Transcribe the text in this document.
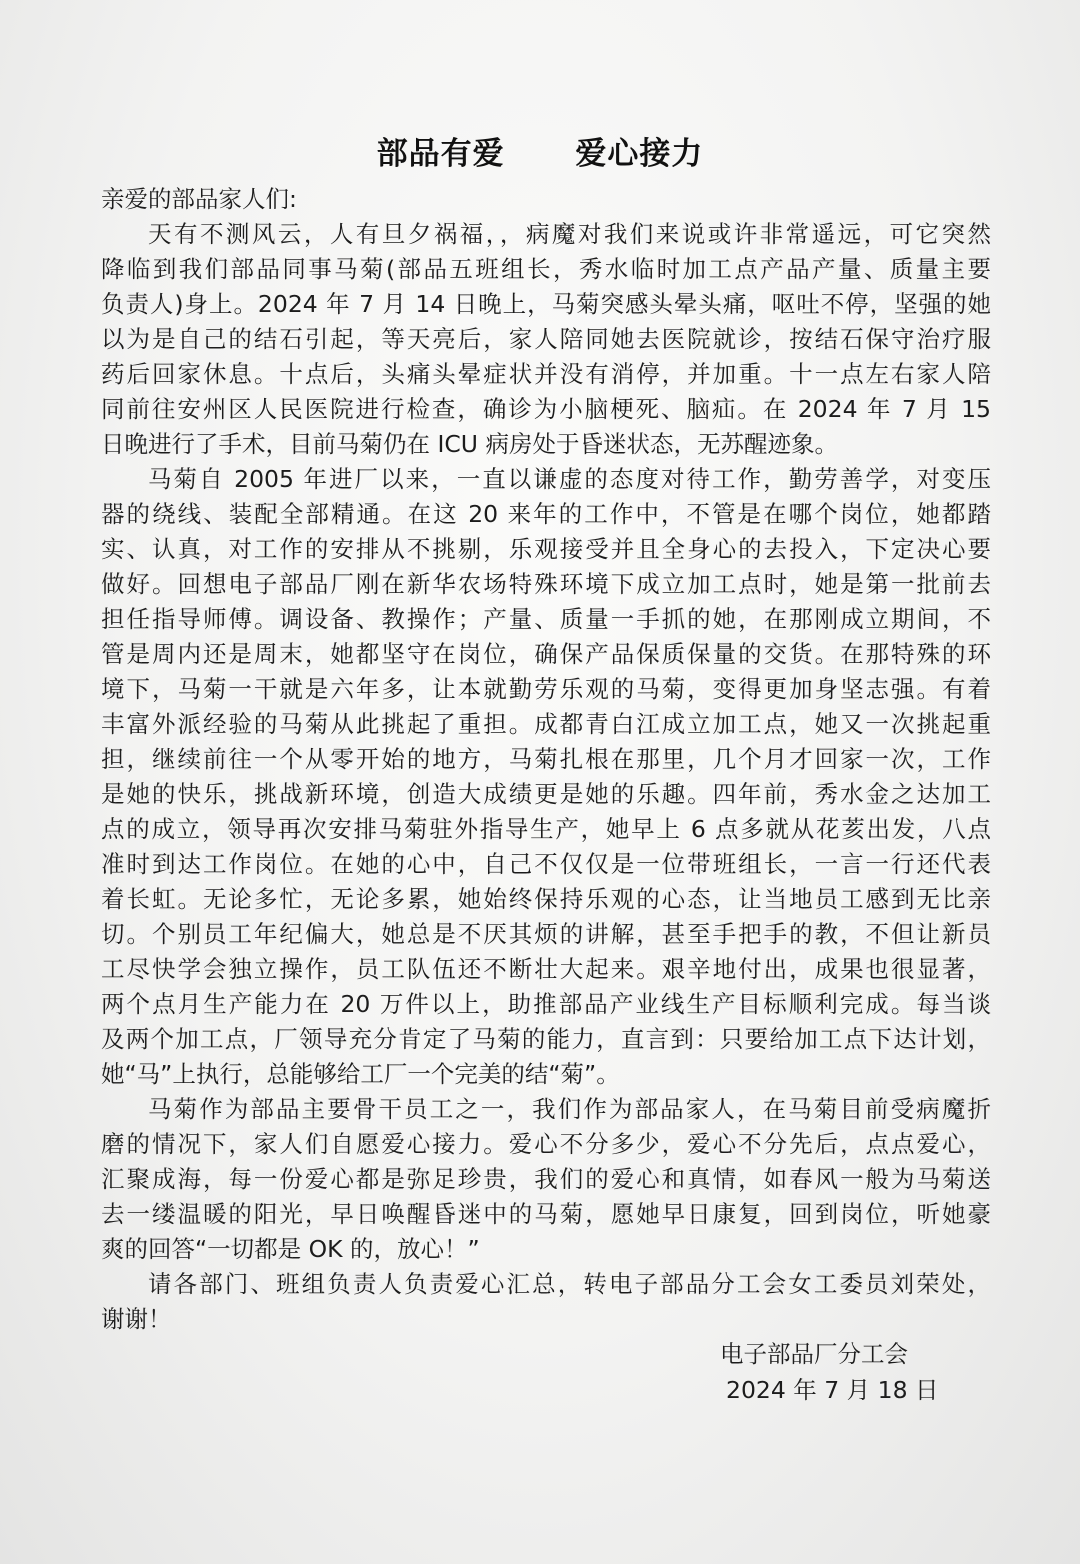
部品有爱      爱心接力
亲爱的部品家人们:
天有不测风云，人有旦夕祸福，，病魔对我们来说或许非常遥远，可它突然
降临到我们部品同事马菊(部品五班组长，秀水临时加工点产品产量、质量主要
负责人)身上。2024 年 7 月 14 日晚上，马菊突感头晕头痛，呕吐不停，坚强的她
以为是自己的结石引起，等天亮后，家人陪同她去医院就诊，按结石保守治疗服
药后回家休息。十点后，头痛头晕症状并没有消停，并加重。十一点左右家人陪
同前往安州区人民医院进行检查，确诊为小脑梗死、脑疝。在 2024 年 7 月 15
日晚进行了手术，目前马菊仍在 ICU 病房处于昏迷状态，无苏醒迹象。
马菊自 2005 年进厂以来，一直以谦虚的态度对待工作，勤劳善学，对变压
器的绕线、装配全部精通。在这 20 来年的工作中，不管是在哪个岗位，她都踏
实、认真，对工作的安排从不挑剔，乐观接受并且全身心的去投入，下定决心要
做好。回想电子部品厂刚在新华农场特殊环境下成立加工点时，她是第一批前去
担任指导师傅。调设备、教操作；产量、质量一手抓的她，在那刚成立期间，不
管是周内还是周末，她都坚守在岗位，确保产品保质保量的交货。在那特殊的环
境下，马菊一干就是六年多，让本就勤劳乐观的马菊，变得更加身坚志强。有着
丰富外派经验的马菊从此挑起了重担。成都青白江成立加工点，她又一次挑起重
担，继续前往一个从零开始的地方，马菊扎根在那里，几个月才回家一次，工作
是她的快乐，挑战新环境，创造大成绩更是她的乐趣。四年前，秀水金之达加工
点的成立，领导再次安排马菊驻外指导生产，她早上 6 点多就从花荄出发，八点
准时到达工作岗位。在她的心中，自己不仅仅是一位带班组长，一言一行还代表
着长虹。无论多忙，无论多累，她始终保持乐观的心态，让当地员工感到无比亲
切。个别员工年纪偏大，她总是不厌其烦的讲解，甚至手把手的教，不但让新员
工尽快学会独立操作，员工队伍还不断壮大起来。艰辛地付出，成果也很显著，
两个点月生产能力在 20 万件以上，助推部品产业线生产目标顺利完成。每当谈
及两个加工点，厂领导充分肯定了马菊的能力，直言到：只要给加工点下达计划，
她“马”上执行，总能够给工厂一个完美的结“菊”。
马菊作为部品主要骨干员工之一，我们作为部品家人，在马菊目前受病魔折
磨的情况下，家人们自愿爱心接力。爱心不分多少，爱心不分先后，点点爱心，
汇聚成海，每一份爱心都是弥足珍贵，我们的爱心和真情，如春风一般为马菊送
去一缕温暖的阳光，早日唤醒昏迷中的马菊，愿她早日康复，回到岗位，听她豪
爽的回答“一切都是 OK 的，放心！”
请各部门、班组负责人负责爱心汇总，转电子部品分工会女工委员刘荣处，
谢谢！
电子部品厂分工会
2024 年 7 月 18 日
